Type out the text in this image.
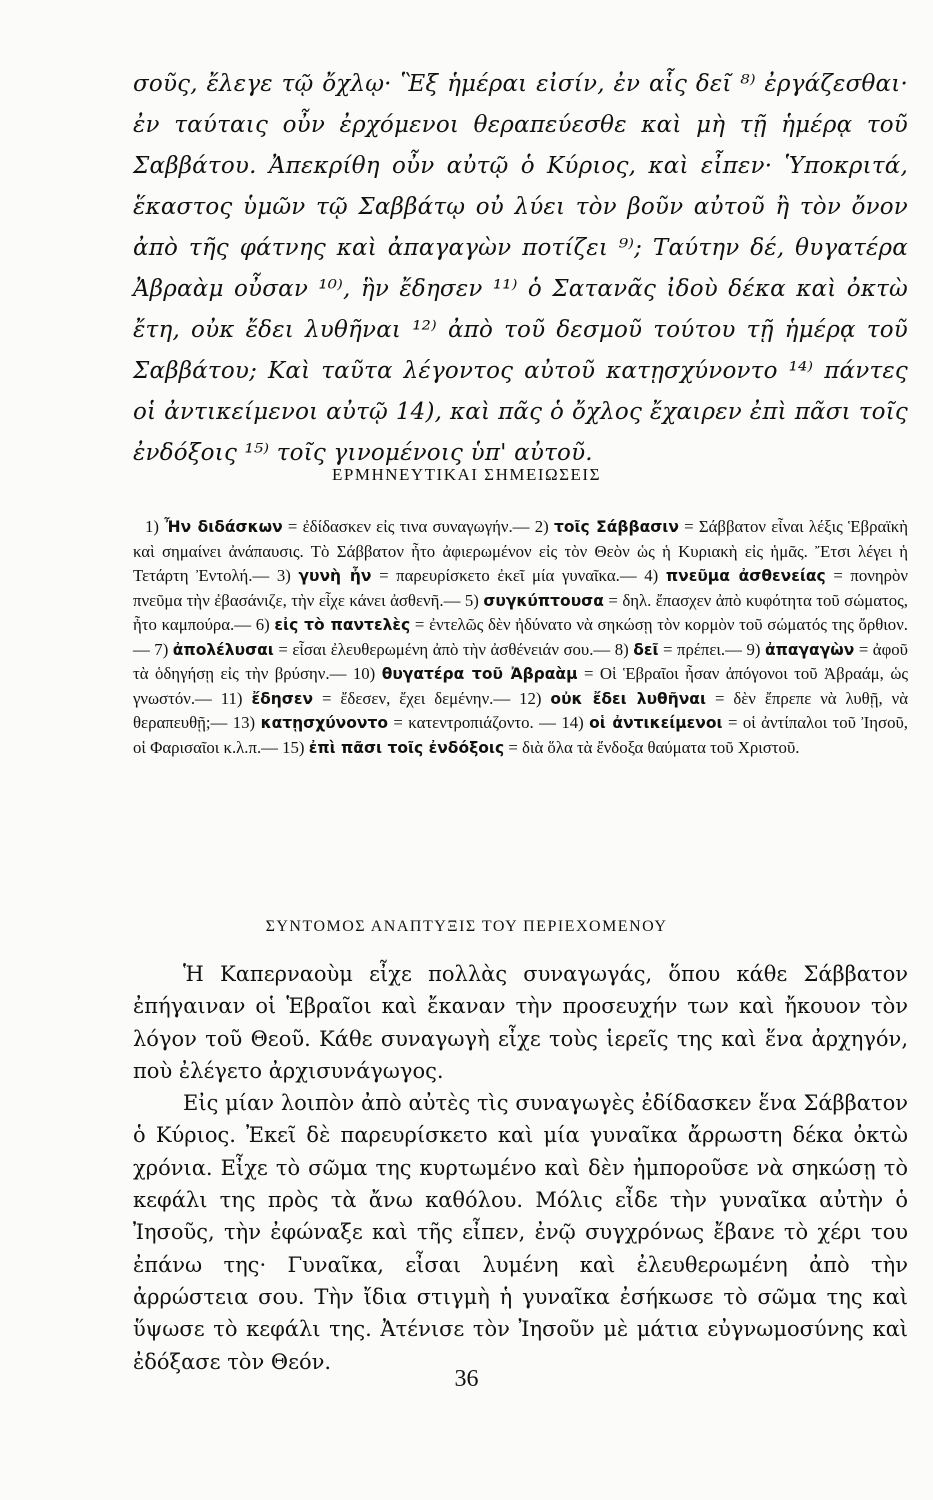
σοῦς, ἔλεγε τῷ ὄχλῳ· Ἓξ ἡμέραι εἰσίν, ἐν αἷς δεῖ ⁸⁾ ἐργάζεσθαι· ἐν ταύταις οὖν ἐρχόμενοι θεραπεύεσθε καὶ μὴ τῇ ἡμέρᾳ τοῦ Σαββάτου. Ἀπεκρίθη οὖν αὐτῷ ὁ Κύριος, καὶ εἶπεν· Ὑποκριτά, ἕκαστος ὑμῶν τῷ Σαββάτῳ οὐ λύει τὸν βοῦν αὐτοῦ ἢ τὸν ὄνον ἀπὸ τῆς φάτνης καὶ ἀπαγαγὼν ποτίζει ⁹⁾; Ταύτην δέ, θυγατέρα Ἀβραὰμ οὖσαν ¹⁰⁾, ἣν ἔδησεν ¹¹⁾ ὁ Σατανᾶς ἰδοὺ δέκα καὶ ὀκτὼ ἔτη, οὐκ ἔδει λυθῆναι ¹²⁾ ἀπὸ τοῦ δεσμοῦ τούτου τῇ ἡμέρᾳ τοῦ Σαββάτου; Καὶ ταῦτα λέγοντος αὐτοῦ κατῃσχύνοντο ¹⁴⁾ πάντες οἱ ἀντικείμενοι αὐτῷ 14), καὶ πᾶς ὁ ὄχλος ἔχαιρεν ἐπὶ πᾶσι τοῖς ἐνδόξοις ¹⁵⁾ τοῖς γινομένοις ὑπ' αὐτοῦ.

ΕΡΜΗΝΕΥΤΙΚΑΙ ΣΗΜΕΙΩΣΕΙΣ

1) Ἦν διδάσκων = ἐδίδασκεν εἰς τινα συναγωγήν.— 2) τοῖς Σάββασιν = Σάββατον εἶναι λέξις Ἑβραϊκὴ καὶ σημαίνει ἀνάπαυσις. Τὸ Σάββατον ἦτο ἀφιερωμένον εἰς τὸν Θεὸν ὡς ἡ Κυριακὴ εἰς ἡμᾶς. Ἔτσι λέγει ἡ Τετάρτη Ἐντολή.— 3) γυνὴ ἦν = παρευρίσκετο ἐκεῖ μία γυναῖκα.— 4) πνεῦμα ἀσθενείας = πονηρὸν πνεῦμα τὴν ἐβασάνιζε, τὴν εἶχε κάνει ἀσθενῆ.— 5) συγκύπτουσα = δηλ. ἔπασχεν ἀπὸ κυφότητα τοῦ σώματος, ἦτο καμπούρα.— 6) εἰς τὸ παντελὲς = ἐντελῶς δὲν ἠδύνατο νὰ σηκώσῃ τὸν κορμὸν τοῦ σώματός της ὄρθιον.— 7) ἀπολέλυσαι = εἶσαι ἐλευθερωμένη ἀπὸ τὴν ἀσθένειάν σου.— 8) δεῖ = πρέπει.— 9) ἀπαγαγὼν = ἀφοῦ τὰ ὁδηγήσῃ εἰς τὴν βρύσην.— 10) θυγατέρα τοῦ Ἀβραὰμ = Οἱ Ἑβραῖοι ἦσαν ἀπόγονοι τοῦ Ἀβραάμ, ὡς γνωστόν.— 11) ἔδησεν = ἔδεσεν, ἔχει δεμένην.— 12) οὐκ ἔδει λυθῆναι = δὲν ἔπρεπε νὰ λυθῇ, νὰ θεραπευθῇ;— 13) κατῃσχύνοντο = κατεντροπιάζοντο. — 14) οἱ ἀντικείμενοι = οἱ ἀντίπαλοι τοῦ Ἰησοῦ, οἱ Φαρισαῖοι κ.λ.π.— 15) ἐπὶ πᾶσι τοῖς ἐνδόξοις = διὰ ὅλα τὰ ἔνδοξα θαύματα τοῦ Χριστοῦ.

ΣΥΝΤΟΜΟΣ ΑΝΑΠΤΥΞΙΣ ΤΟΥ ΠΕΡΙΕΧΟΜΕΝΟΥ

Ἡ Καπερναοὺμ εἶχε πολλὰς συναγωγάς, ὅπου κάθε Σάββατον ἐπήγαιναν οἱ Ἑβραῖοι καὶ ἔκαναν τὴν προσευχήν των καὶ ἤκουον τὸν λόγον τοῦ Θεοῦ. Κάθε συναγωγὴ εἶχε τοὺς ἱερεῖς της καὶ ἕνα ἀρχηγόν, ποὺ ἐλέγετο ἀρχισυνάγωγος.

Εἰς μίαν λοιπὸν ἀπὸ αὐτὲς τὶς συναγωγὲς ἐδίδασκεν ἕνα Σάββατον ὁ Κύριος. Ἐκεῖ δὲ παρευρίσκετο καὶ μία γυναῖκα ἄρρωστη δέκα ὀκτὼ χρόνια. Εἶχε τὸ σῶμα της κυρτωμένο καὶ δὲν ἠμποροῦσε νὰ σηκώσῃ τὸ κεφάλι της πρὸς τὰ ἄνω καθόλου. Μόλις εἶδε τὴν γυναῖκα αὐτὴν ὁ Ἰησοῦς, τὴν ἐφώναξε καὶ τῆς εἶπεν, ἐνῷ συγχρόνως ἔβανε τὸ χέρι του ἐπάνω της· Γυναῖκα, εἶσαι λυμένη καὶ ἐλευθερωμένη ἀπὸ τὴν ἀρρώστεια σου. Τὴν ἴδια στιγμὴ ἡ γυναῖκα ἐσήκωσε τὸ σῶμα της καὶ ὕψωσε τὸ κεφάλι της. Ἀτένισε τὸν Ἰησοῦν μὲ μάτια εὐγνωμοσύνης καὶ ἐδόξασε τὸν Θεόν.

36
